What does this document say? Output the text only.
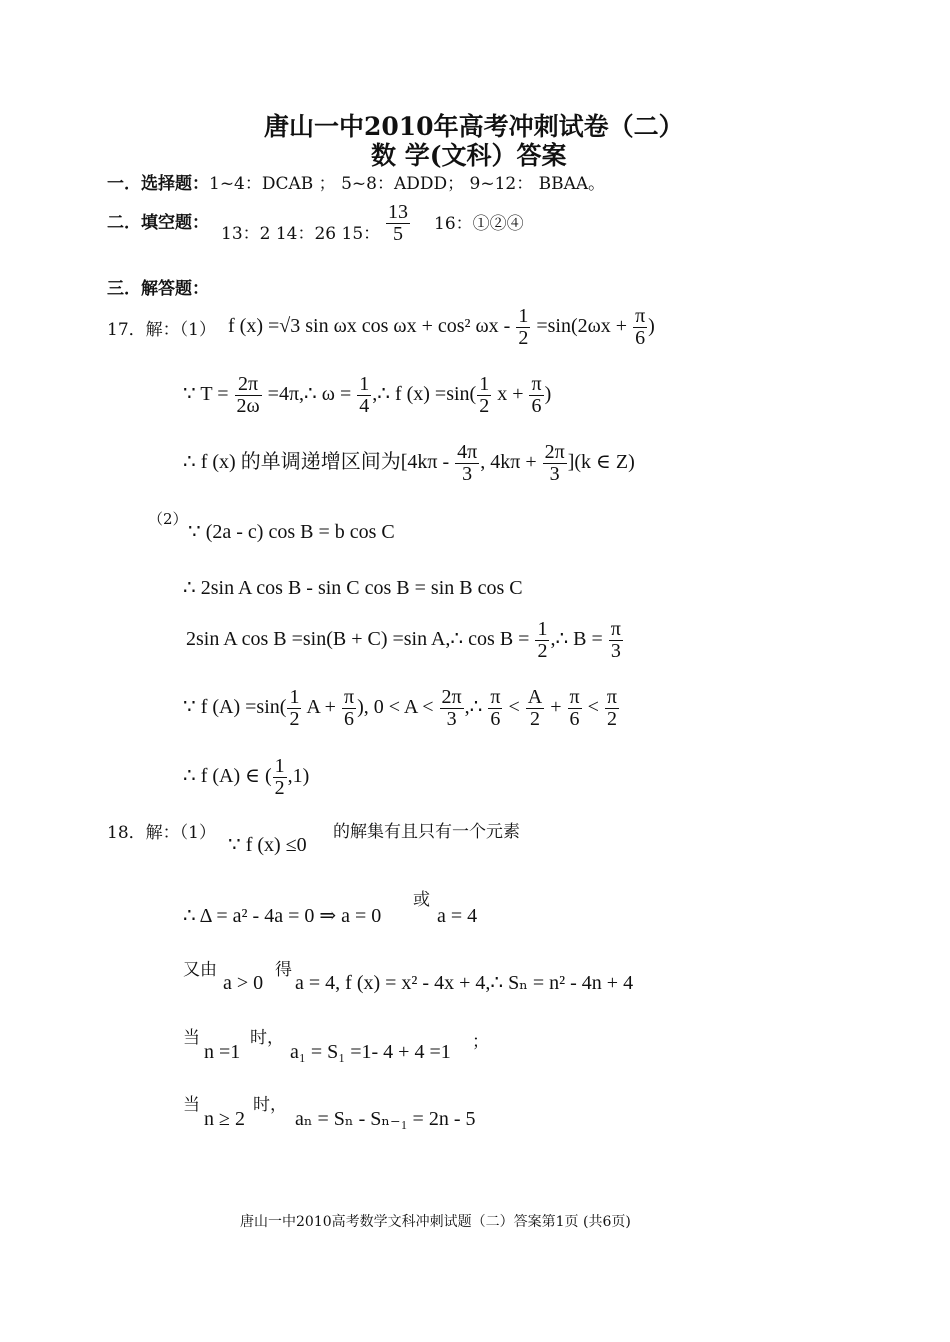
唐山一中2010年高考冲刺试卷（二）
数 学(文科）答案
一．选择题：1~4：DCAB ； 5~8：ADDD； 9~12： BBAA。
二．填空题：
13：2 14：26 15： $\frac{13}{5} 16$：①②④
三．解答题：
17．解：（1） f (x) =√3 sin ωx cos ωx + cos² $\omega x - \frac{1}{2} =\sin(2\omega x + \frac{\pi}{6}$ )
∵ $T = \frac{2\pi}{2\omega}$ =4π,∴ $\omega = \frac{1}{4}$ ,∴ f $(x) =\sin( \frac{1}{2}$ $x + \frac{\pi}{6}$ )
∴ f (x) 的单调递增区间为[$4k\pi - \frac{4\pi}{3}$ , $4k\pi + \frac{2\pi}{3} ](k$ ∈ Z)
（2）
∵ (2a - c) cos B = b cos C
∴ 2sin A cos B - sin C cos B = sin B cos C
2sin A cos B =sin(B + C) =sin A,∴ $\cos B = \frac{1}{2}$ ,∴ $B = \frac{\pi}{3}$
∵ f $(A) =\sin( \frac{1}{2}$ $A + \frac{\pi}{6}$ ), $0 < A < \frac{2\pi}{3}$ ,∴ $\frac{\pi}{6} < \frac{A}{2} + \frac{\pi}{6} < \frac{\pi}{2}$
∴ f (A) ∈ ( $\frac{1}{2} ,1$)
18．解：（1）
∵ f (x) ≤0
的解集有且只有一个元素
∴ Δ = a² - 4a = 0 ⇒ a = 0
或
a = 4
又由
a > 0
得
a = 4, f (x) = x² - 4x + 4,∴ Sₙ = n² - 4n + 4
当
n =1
时，
a₁ = S₁ =1- 4 + 4 =1 ；
当
n ≥ 2
时，
aₙ = Sₙ - Sₙ₋₁ = 2n - 5
唐山一中2010高考数学文科冲刺试题（二）答案第1页 (共6页)
